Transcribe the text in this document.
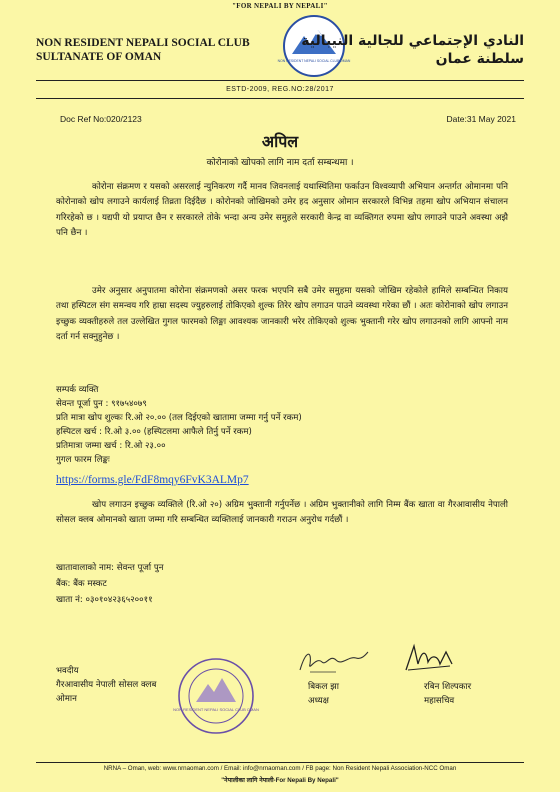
"FOR NEPALI BY NEPALI"
NON RESIDENT NEPALI SOCIAL CLUB
SULTANATE OF OMAN	NON RESIDENT NEPALI SOCIAL CLUB OMAN
النادي الإجتماعي للجالية النيبالية
سلطنة عمان
ESTD-2009, REG.NO:28/2017
Doc Ref No:020/2123	Date:31 May 2021
अपिल
कोरोनाको खोपको लागि नाम दर्ता सम्बन्धमा ।
कोरोना संक्रमण र यसको असरलाई न्युनिकरण गर्दै मानव जिवनलाई यथास्थितिमा फर्काउन विश्वव्यापी अभियान अन्तर्गत ओमानमा पनि कोरोनाको खोप लगाउने कार्यलाई तिव्रता दिईदैछ । कोरोनको जोखिमको उमेर हद अनुसार ओमान सरकारले विभिन्न तहमा खोप अभियान संचालन गरिरहेको छ । यद्यपी यो प्रयाप्त छैन र सरकारले तोके भन्दा अन्य उमेर समुहले सरकारी केन्द्र वा व्यक्तिगत रुपमा खोप लगाउने पाउने अवस्था अझै पनि छैन ।
उमेर अनुसार अनुपातमा कोरोना संक्रमणको असर फरक भएपनि सबै उमेर समुहमा यसको जोखिम रहेकोले हामिले सम्बन्धित निकाय तथा हस्पिटल संग समन्वय गरि हाम्रा सदस्य ज्युहरुलाई तोकिएको शुल्क तिरेर खोप लगाउन पाउने व्यवस्था गरेका छौं । अतः कोरोनाको खोप लगाउन इच्छुक व्यक्तीहरुले तल उल्लेखित गुगल फारमको लिङ्मा आवश्यक जानकारी भरेर तोकिएको शुल्क भुक्तानी गरेर खोप लगाउनको लागि आफ्नो नाम दर्ता गर्न सक्नुहुनेछ ।
सम्पर्क व्यक्ति
सेवन्त पूर्जा पुन : ९१७५४०७९
प्रति मात्रा खोप शुल्कः रि.ओ २०.०० (तल दिईएको खातामा जम्मा गर्नु पर्ने रकम)
हस्पिटल खर्च : रि.ओ ३.०० (हस्पिटलमा आफैले तिर्नु पर्ने रकम)
प्रतिमात्रा जम्मा खर्च : रि.ओ २३.००
गुगल फारम लिङ्कः
https://forms.gle/FdF8mqy6FvK3ALMp7
खोप लगाउन इच्छुक व्यक्तिले (रि.ओ २०) अग्रिम भुक्तानी गर्नुपर्नेछ । अग्रिम भुक्तानीको लागि निम्म बैंक खाता वा गैरआवासीय नेपाली सोसल क्लब ओमानको खाता जम्मा गरि सम्बन्धित व्यक्तिलाई जानकारी गराउन अनुरोध गर्दछौं ।
खातावालाको नाम: सेवन्त पूर्जा पुन
बैंक: बैंक मस्कट
खाता नं: ०३०१०४२३६५२००११
भवदीय
गैरआवासीय नेपाली सोसल क्लब
ओमान
NON RESIDENT NEPALI SOCIAL CLUB OMAN
बिकल झा
अध्यक्ष
रबिन शिल्पकार
महासचिव
NRNA – Oman, web: www.nrnaoman.com / Email: info@nrnaoman.com / FB page: Non Resident Nepali Association-NCC Oman
"नेपालीका लागि नेपाली-For Nepali By Nepali"
